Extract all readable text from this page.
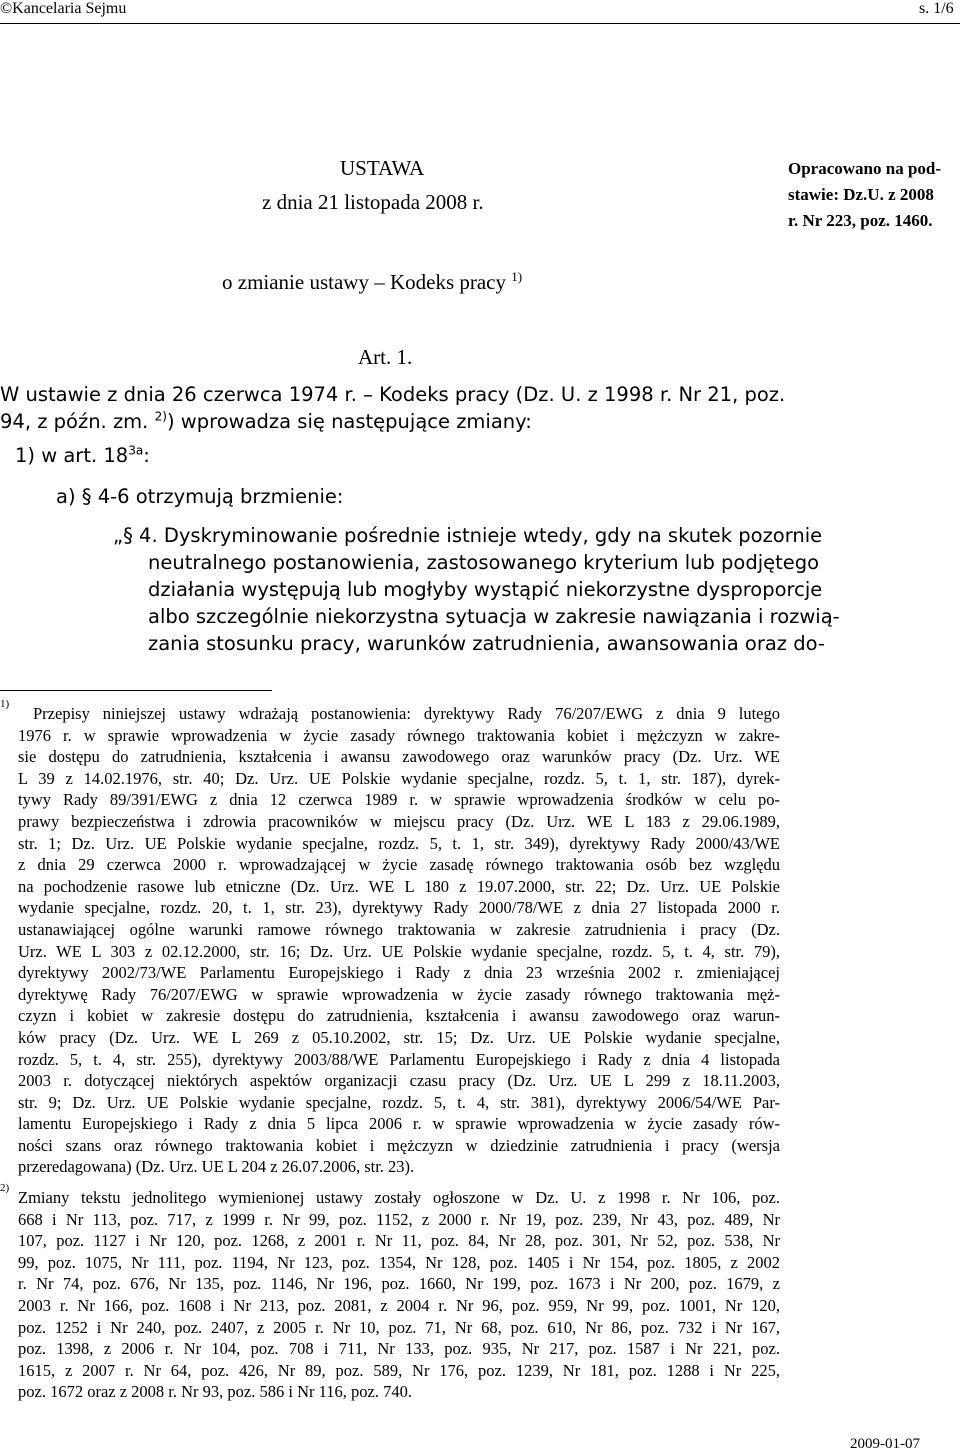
©Kancelaria Sejmu	s. 1/6
USTAWA
z dnia 21 listopada 2008 r.
Opracowano na pod-
stawie: Dz.U. z 2008
r. Nr 223, poz. 1460.
o zmianie ustawy – Kodeks pracy $^{1)}$
Art. 1.
W ustawie z dnia 26 czerwca 1974 r. – Kodeks pracy (Dz. U. z 1998 r. Nr 21, poz.
94, z późn. zm. $^{2)}$) wprowadza się następujące zmiany:
1) w art. $18^{3a}$:
a) § 4-6 otrzymują brzmienie:
„§ 4. Dyskryminowanie pośrednie istnieje wtedy, gdy na skutek pozornie
neutralnego postanowienia, zastosowanego kryterium lub podjętego
działania występują lub mogłyby wystąpić niekorzystne dysproporcje
albo szczególnie niekorzystna sytuacja w zakresie nawiązania i rozwią-
zania stosunku pracy, warunków zatrudnienia, awansowania oraz do-
1) Przepisy niniejszej ustawy wdrażają postanowienia: dyrektywy Rady 76/207/EWG z dnia 9 lutego
1976 r. w sprawie wprowadzenia w życie zasady równego traktowania kobiet i mężczyzn w zakre-
sie dostępu do zatrudnienia, kształcenia i awansu zawodowego oraz warunków pracy (Dz. Urz. WE
L 39 z 14.02.1976, str. 40; Dz. Urz. UE Polskie wydanie specjalne, rozdz. 5, t. 1, str. 187), dyrek-
tywy Rady 89/391/EWG z dnia 12 czerwca 1989 r. w sprawie wprowadzenia środków w celu po-
prawy bezpieczeństwa i zdrowia pracowników w miejscu pracy (Dz. Urz. WE L 183 z 29.06.1989,
str. 1; Dz. Urz. UE Polskie wydanie specjalne, rozdz. 5, t. 1, str. 349), dyrektywy Rady 2000/43/WE
z dnia 29 czerwca 2000 r. wprowadzającej w życie zasadę równego traktowania osób bez względu
na pochodzenie rasowe lub etniczne (Dz. Urz. WE L 180 z 19.07.2000, str. 22; Dz. Urz. UE Polskie
wydanie specjalne, rozdz. 20, t. 1, str. 23), dyrektywy Rady 2000/78/WE z dnia 27 listopada 2000 r.
ustanawiającej ogólne warunki ramowe równego traktowania w zakresie zatrudnienia i pracy (Dz.
Urz. WE L 303 z 02.12.2000, str. 16; Dz. Urz. UE Polskie wydanie specjalne, rozdz. 5, t. 4, str. 79),
dyrektywy 2002/73/WE Parlamentu Europejskiego i Rady z dnia 23 września 2002 r. zmieniającej
dyrektywę Rady 76/207/EWG w sprawie wprowadzenia w życie zasady równego traktowania męż-
czyzn i kobiet w zakresie dostępu do zatrudnienia, kształcenia i awansu zawodowego oraz warun-
ków pracy (Dz. Urz. WE L 269 z 05.10.2002, str. 15; Dz. Urz. UE Polskie wydanie specjalne,
rozdz. 5, t. 4, str. 255), dyrektywy 2003/88/WE Parlamentu Europejskiego i Rady z dnia 4 listopada
2003 r. dotyczącej niektórych aspektów organizacji czasu pracy (Dz. Urz. UE L 299 z 18.11.2003,
str. 9; Dz. Urz. UE Polskie wydanie specjalne, rozdz. 5, t. 4, str. 381), dyrektywy 2006/54/WE Par-
lamentu Europejskiego i Rady z dnia 5 lipca 2006 r. w sprawie wprowadzenia w życie zasady rów-
ności szans oraz równego traktowania kobiet i mężczyzn w dziedzinie zatrudnienia i pracy (wersja
przeredagowana) (Dz. Urz. UE L 204 z 26.07.2006, str. 23).
2) Zmiany tekstu jednolitego wymienionej ustawy zostały ogłoszone w Dz. U. z 1998 r. Nr 106, poz.
668 i Nr 113, poz. 717, z 1999 r. Nr 99, poz. 1152, z 2000 r. Nr 19, poz. 239, Nr 43, poz. 489, Nr
107, poz. 1127 i Nr 120, poz. 1268, z 2001 r. Nr 11, poz. 84, Nr 28, poz. 301, Nr 52, poz. 538, Nr
99, poz. 1075, Nr 111, poz. 1194, Nr 123, poz. 1354, Nr 128, poz. 1405 i Nr 154, poz. 1805, z 2002
r. Nr 74, poz. 676, Nr 135, poz. 1146, Nr 196, poz. 1660, Nr 199, poz. 1673 i Nr 200, poz. 1679, z
2003 r. Nr 166, poz. 1608 i Nr 213, poz. 2081, z 2004 r. Nr 96, poz. 959, Nr 99, poz. 1001, Nr 120,
poz. 1252 i Nr 240, poz. 2407, z 2005 r. Nr 10, poz. 71, Nr 68, poz. 610, Nr 86, poz. 732 i Nr 167,
poz. 1398, z 2006 r. Nr 104, poz. 708 i 711, Nr 133, poz. 935, Nr 217, poz. 1587 i Nr 221, poz.
1615, z 2007 r. Nr 64, poz. 426, Nr 89, poz. 589, Nr 176, poz. 1239, Nr 181, poz. 1288 i Nr 225,
poz. 1672 oraz z 2008 r. Nr 93, poz. 586 i Nr 116, poz. 740.
2009-01-07
